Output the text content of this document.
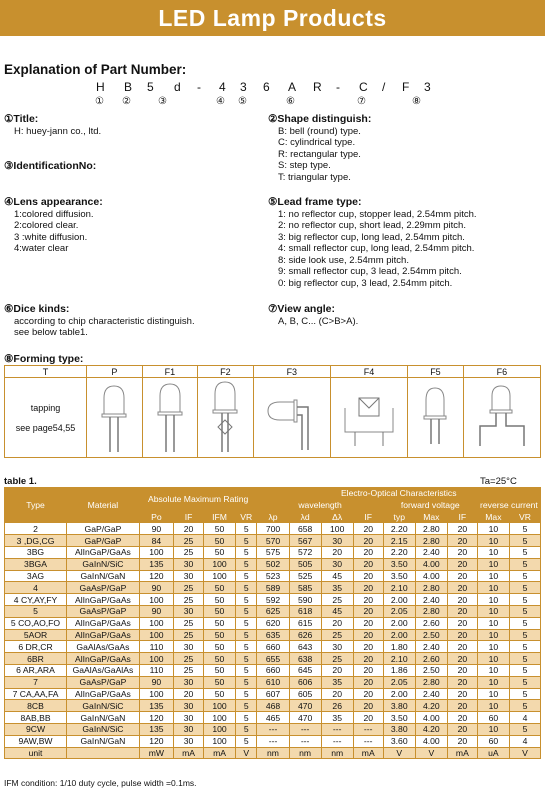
LED Lamp Products
Explanation of Part Number:
H B 5 d - 4 3 6 A R - C / F 3
① ②	③	④ ⑤	⑥	⑦	⑧
①Title:
H: huey-jann co., ltd.
③IdentificationNo:
④Lens appearance:
1:colored diffusion.
2:colored clear.
3 :white diffusion.
4:water clear
⑥Dice kinds:
according to chip characteristic distinguish.
see below table1.
②Shape distinguish:
B: bell (round) type.
C: cylindrical type.
R: rectangular type.
S: step type.
T: triangular type.
⑤Lead frame type:
1: no reflector cup, stopper lead, 2.54mm pitch.
2: no reflector cup, short lead, 2.29mm pitch.
3: big reflector cup, long lead, 2.54mm pitch.
4: small reflector cup, long lead, 2.54mm pitch.
8: side look use, 2.54mm pitch.
9: small reflector cup, 3 lead, 2.54mm pitch.
0: big reflector cup, 3 lead, 2.54mm pitch.
⑦View angle:
A, B, C... (C>B>A).
⑧Forming type:
T	P	F1	F2	F3	F4	F5	F6

tapping
see page54,55

table 1.	Ta=25°C
Type	Material	Absolute Maximum Rating				Electro-Optical Characteristics								
						wavelength				forward voltage			reverse current	
		Po	IF	IFM	VR	λp	λd	Δλ	IF	typ	Max	IF	Max	VR
2	GaP/GaP	90	20	50	5	700	658	100	20	2.20	2.80	20	10	5
3 ,DG,CG	GaP/GaP	84	25	50	5	570	567	30	20	2.15	2.80	20	10	5
3BG	AlInGaP/GaAs	100	25	50	5	575	572	20	20	2.20	2.40	20	10	5
3BGA	GaInN/SiC	135	30	100	5	502	505	30	20	3.50	4.00	20	10	5
3AG	GaInN/GaN	120	30	100	5	523	525	45	20	3.50	4.00	20	10	5
4	GaAsP/GaP	90	25	50	5	589	585	35	20	2.10	2.80	20	10	5
4 CY,AY,FY	AlInGaP/GaAs	100	25	50	5	592	590	25	20	2.00	2.40	20	10	5
5	GaAsP/GaP	90	30	50	5	625	618	45	20	2.05	2.80	20	10	5
5 CO,AO,FO	AlInGaP/GaAs	100	25	50	5	620	615	20	20	2.00	2.60	20	10	5
5AOR	AlInGaP/GaAs	100	25	50	5	635	626	25	20	2.00	2.50	20	10	5
6 DR,CR	GaAlAs/GaAs	110	30	50	5	660	643	30	20	1.80	2.40	20	10	5
6BR	AlInGaP/GaAs	100	25	50	5	655	638	25	20	2.10	2.60	20	10	5
6 AR,ARA	GaAlAs/GaAlAs	110	25	50	5	660	645	20	20	1.86	2.50	20	10	5
7	GaAsP/GaP	90	30	50	5	610	606	35	20	2.05	2.80	20	10	5
7 CA,AA,FA	AlInGaP/GaAs	100	20	50	5	607	605	20	20	2.00	2.40	20	10	5
8CB	GaInN/SiC	135	30	100	5	468	470	26	20	3.80	4.20	20	10	5
8AB,BB	GaInN/GaN	120	30	100	5	465	470	35	20	3.50	4.00	20	60	4
9CW	GaInN/SiC	135	30	100	5	---	---	---	---	3.80	4.20	20	10	5
9AW,BW	GaInN/GaN	120	30	100	5	---	---	---	---	3.60	4.00	20	60	4
unit		mW	mA	mA	V	nm	nm	nm	mA	V	V	mA	uA	V
IFM condition: 1/10 duty cycle, pulse width =0.1ms.
